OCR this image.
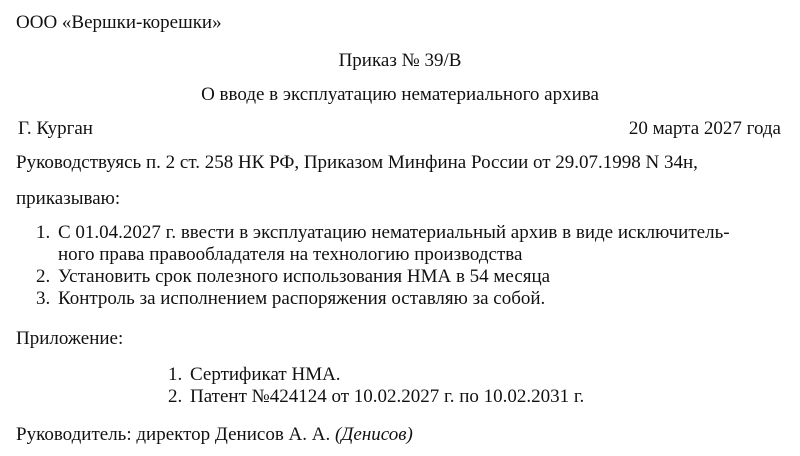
ООО «Вершки-корешки»
Приказ № 39/В
О вводе в эксплуатацию нематериального архива
Г. Курган	20 марта 2027 года
Руководствуясь п. 2 ст. 258 НК РФ, Приказом Минфина России от 29.07.1998 N 34н,
приказываю:
1. С 01.04.2027 г. ввести в эксплуатацию нематериальный архив в виде исключитель-
ного права правообладателя на технологию производства
2. Установить срок полезного использования НМА в 54 месяца
3. Контроль за исполнением распоряжения оставляю за собой.
Приложение:
1. Сертификат НМА.
2. Патент №424124 от 10.02.2027 г. по 10.02.2031 г.
Руководитель: директор Денисов А. А. (Денисов)
